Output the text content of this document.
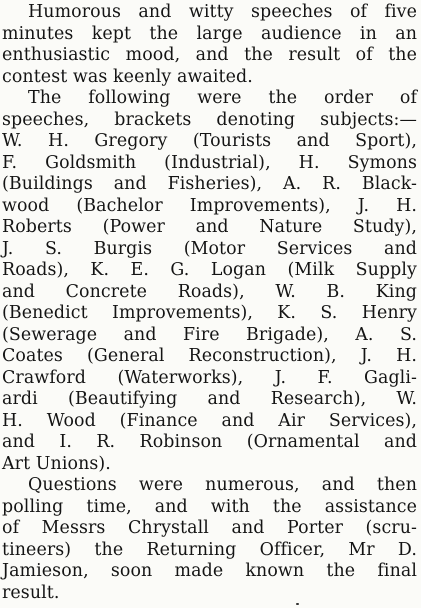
Humorous and witty speeches of five
minutes kept the large audience in an
enthusiastic mood, and the result of the
contest was keenly awaited.
The following were the order of
speeches, brackets denoting subjects:—
W. H. Gregory (Tourists and Sport),
F. Goldsmith (Industrial), H. Symons
(Buildings and Fisheries), A. R. Black-
wood (Bachelor Improvements), J. H.
Roberts (Power and Nature Study),
J. S. Burgis (Motor Services and
Roads), K. E. G. Logan (Milk Supply
and Concrete Roads), W. B. King
(Benedict Improvements), K. S. Henry
(Sewerage and Fire Brigade), A. S.
Coates (General Reconstruction), J. H.
Crawford (Waterworks), J. F. Gagli-
ardi (Beautifying and Research), W.
H. Wood (Finance and Air Services),
and I. R. Robinson (Ornamental and
Art Unions).
Questions were numerous, and then
polling time, and with the assistance
of Messrs Chrystall and Porter (scru-
tineers) the Returning Officer, Mr D.
Jamieson, soon made known the final
result.
